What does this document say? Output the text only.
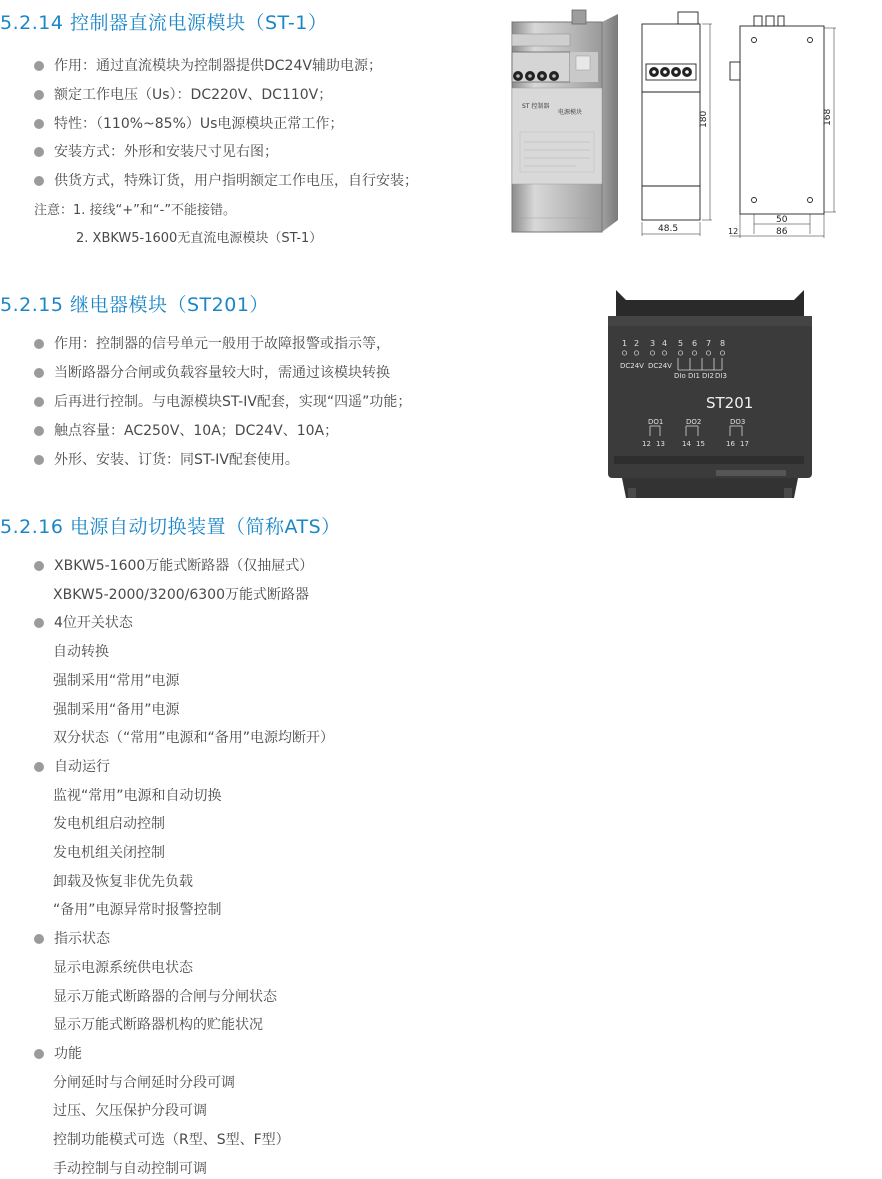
5.2.14 控制器直流电源模块（ST-1）
作用：通过直流模块为控制器提供DC24V辅助电源；
额定工作电压（Us）：DC220V、DC110V；
特性：（110%~85%）Us电源模块正常工作；
安装方式：外形和安装尺寸见右图；
供货方式，特殊订货，用户指明额定工作电压，自行安装；
注意：1. 接线“+”和“-”不能接错。
2. XBKW5-1600无直流电源模块（ST-1）
ST 控制器
电源模块	180
48.5
168
50
86
12
5.2.15 继电器模块（ST201）
作用：控制器的信号单元一般用于故障报警或指示等，
当断路器分合闸或负载容量较大时，需通过该模块转换
后再进行控制。与电源模块ST-IV配套，实现“四遥”功能；
触点容量：AC250V、10A；DC24V、10A；
外形、安装、订货：同ST-IV配套使用。
1 2 3 4 5 6 7 8
DC24V DC24V
DIo DI1 DI2 DI3
ST201
DO1	DO2	DO3
12 13 14 15	16 17
5.2.16 电源自动切换装置（简称ATS）
XBKW5-1600万能式断路器（仅抽屉式）
XBKW5-2000/3200/6300万能式断路器
4位开关状态
自动转换
强制采用“常用”电源
强制采用“备用”电源
双分状态（“常用”电源和“备用”电源均断开）
自动运行
监视“常用”电源和自动切换
发电机组启动控制
发电机组关闭控制
卸载及恢复非优先负载
“备用”电源异常时报警控制
指示状态
显示电源系统供电状态
显示万能式断路器的合闸与分闸状态
显示万能式断路器机构的贮能状况
功能
分闸延时与合闸延时分段可调
过压、欠压保护分段可调
控制功能模式可选（R型、S型、F型）
手动控制与自动控制可调
